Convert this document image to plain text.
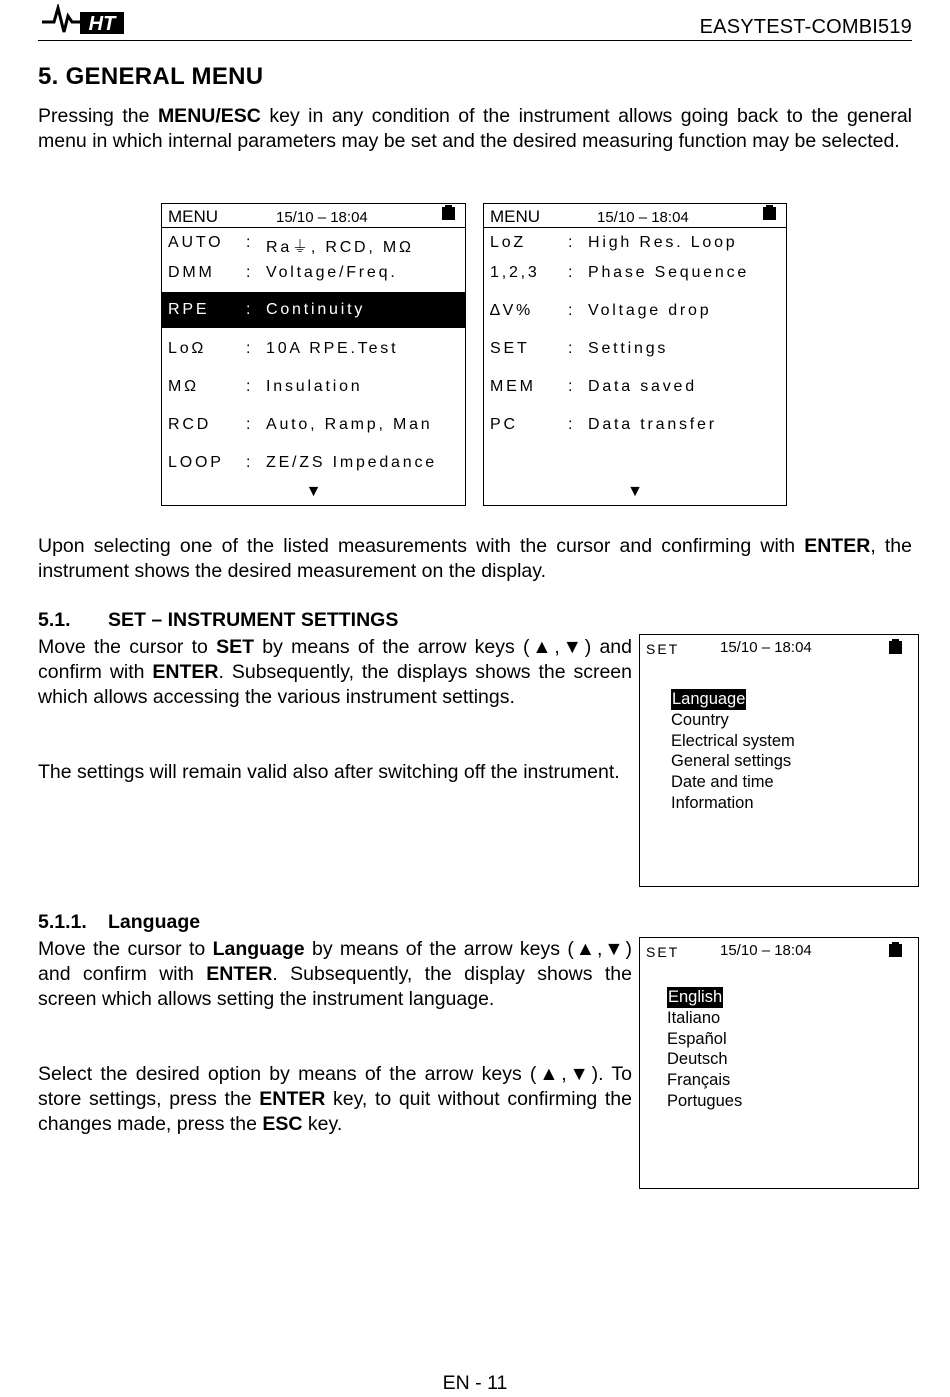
HT	EASYTEST-COMBI519
5. GENERAL MENU
Pressing the MENU/ESC key in any condition of the instrument allows going back to the general menu in which internal parameters may be set and the desired measuring function may be selected.
MENU	15/10 – 18:04
AUTO : Ra⏚, RCD, MΩ
DMM : Voltage/Freq.
RPE : Continuity
LoΩ : 10A RPE.Test
MΩ	: Insulation
RCD : Auto, Ramp, Man
LOOP : ZE/ZS Impedance
▼
MENU	15/10 – 18:04
LoZ	: High Res. Loop
1,2,3 : Phase Sequence
∆V% : Voltage drop
SET : Settings
MEM : Data saved
PC	: Data transfer
▼
Upon selecting one of the listed measurements with the cursor and confirming with ENTER, the instrument shows the desired measurement on the display.
5.1. SET – INSTRUMENT SETTINGS
Move the cursor to SET by means of the arrow keys (▲,▼) and confirm with ENTER. Subsequently, the displays shows the screen which allows accessing the various instrument settings.
The settings will remain valid also after switching off the instrument.
SET	15/10 – 18:04
Language
Country
Electrical system
General settings
Date and time
Information
5.1.1. Language
Move the cursor to Language by means of the arrow keys (▲,▼) and confirm with ENTER. Subsequently, the display shows the screen which allows setting the instrument language.
Select the desired option by means of the arrow keys (▲,▼). To store settings, press the ENTER key, to quit without confirming the changes made, press the ESC key.
SET	15/10 – 18:04
English
Italiano
Español
Deutsch
Français
Portugues
EN - 11
